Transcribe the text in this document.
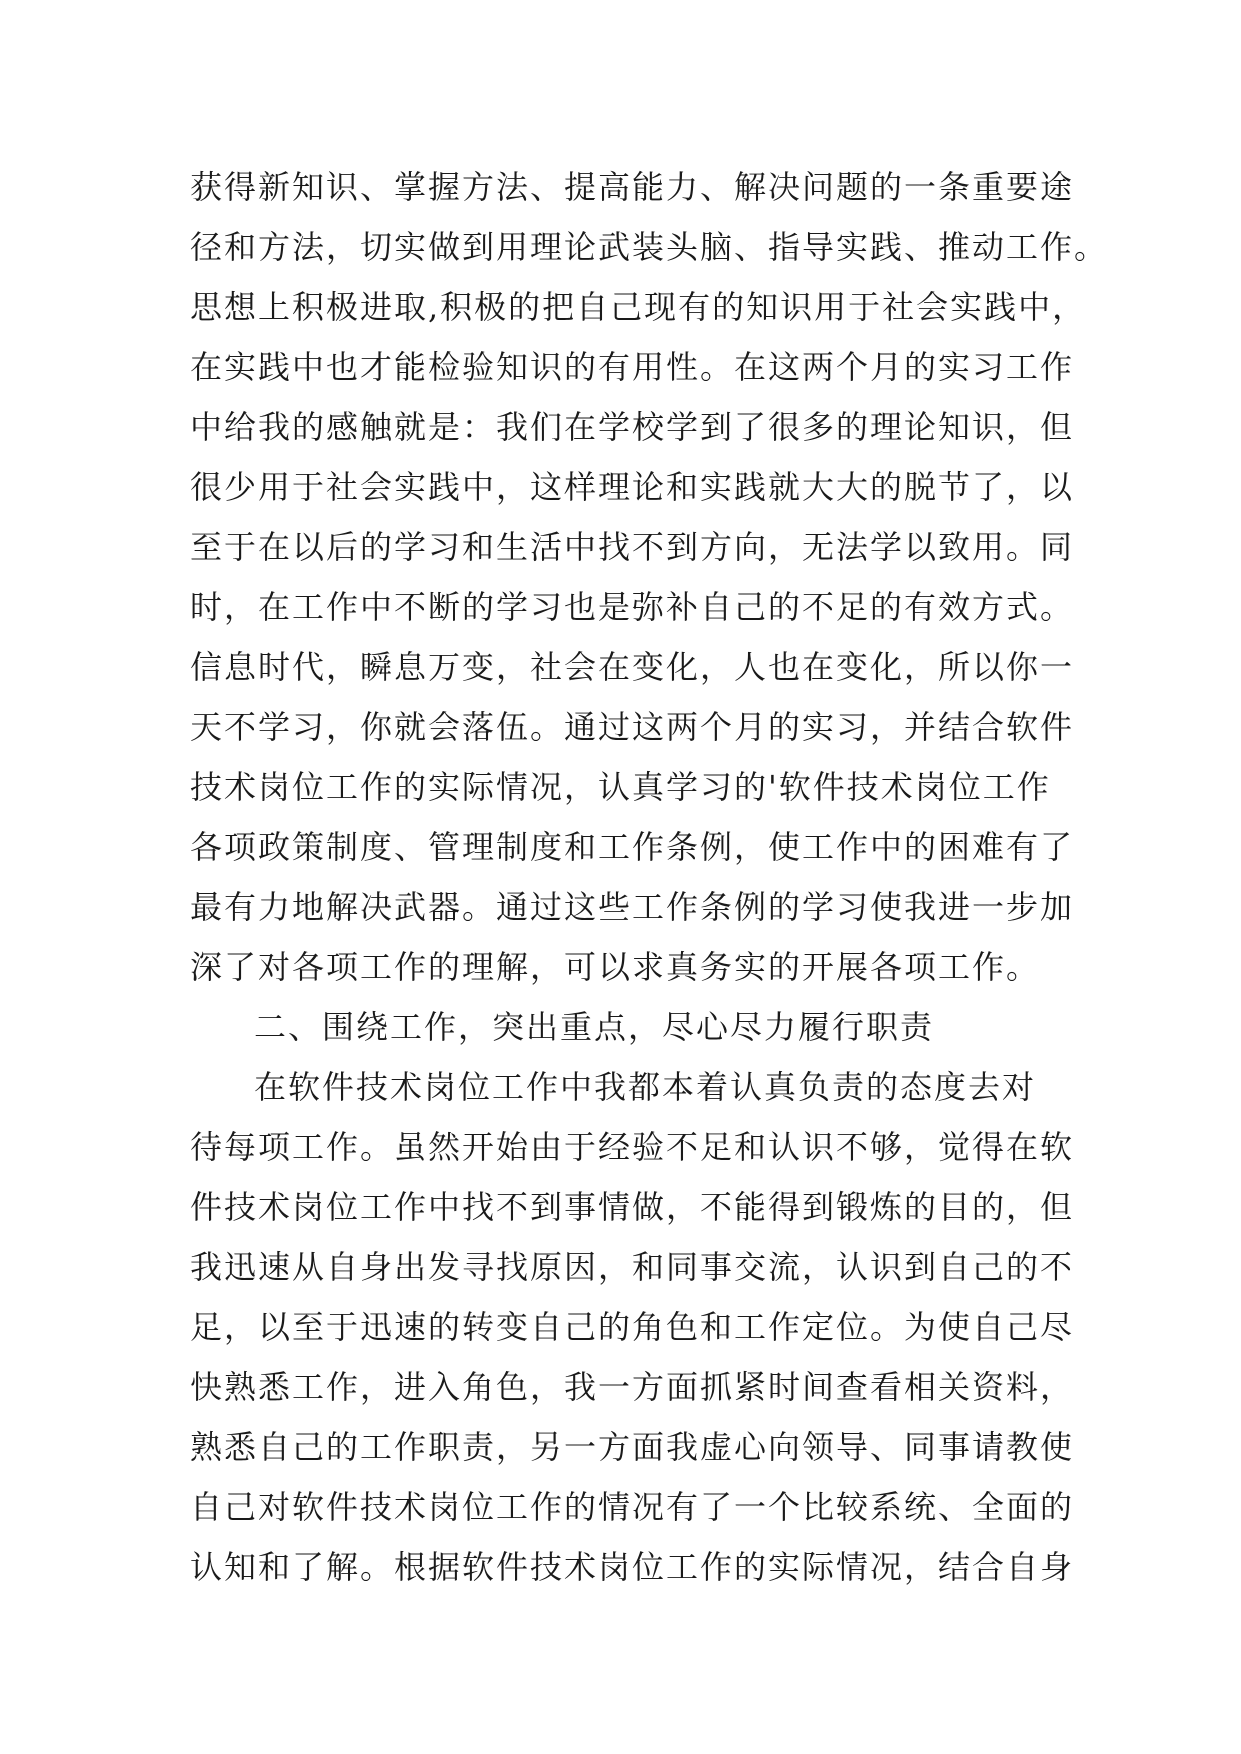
获得新知识、掌握方法、提高能力、解决问题的一条重要途
径和方法，切实做到用理论武装头脑、指导实践、推动工作。
思想上积极进取,积极的把自己现有的知识用于社会实践中，
在实践中也才能检验知识的有用性。在这两个月的实习工作
中给我的感触就是：我们在学校学到了很多的理论知识，但
很少用于社会实践中，这样理论和实践就大大的脱节了，以
至于在以后的学习和生活中找不到方向，无法学以致用。同
时，在工作中不断的学习也是弥补自己的不足的有效方式。
信息时代，瞬息万变，社会在变化，人也在变化，所以你一
天不学习，你就会落伍。通过这两个月的实习，并结合软件
技术岗位工作的实际情况，认真学习的'软件技术岗位工作
各项政策制度、管理制度和工作条例，使工作中的困难有了
最有力地解决武器。通过这些工作条例的学习使我进一步加
深了对各项工作的理解，可以求真务实的开展各项工作。
二、围绕工作，突出重点，尽心尽力履行职责
在软件技术岗位工作中我都本着认真负责的态度去对
待每项工作。虽然开始由于经验不足和认识不够，觉得在软
件技术岗位工作中找不到事情做，不能得到锻炼的目的，但
我迅速从自身出发寻找原因，和同事交流，认识到自己的不
足，以至于迅速的转变自己的角色和工作定位。为使自己尽
快熟悉工作，进入角色，我一方面抓紧时间查看相关资料，
熟悉自己的工作职责，另一方面我虚心向领导、同事请教使
自己对软件技术岗位工作的情况有了一个比较系统、全面的
认知和了解。根据软件技术岗位工作的实际情况，结合自身
